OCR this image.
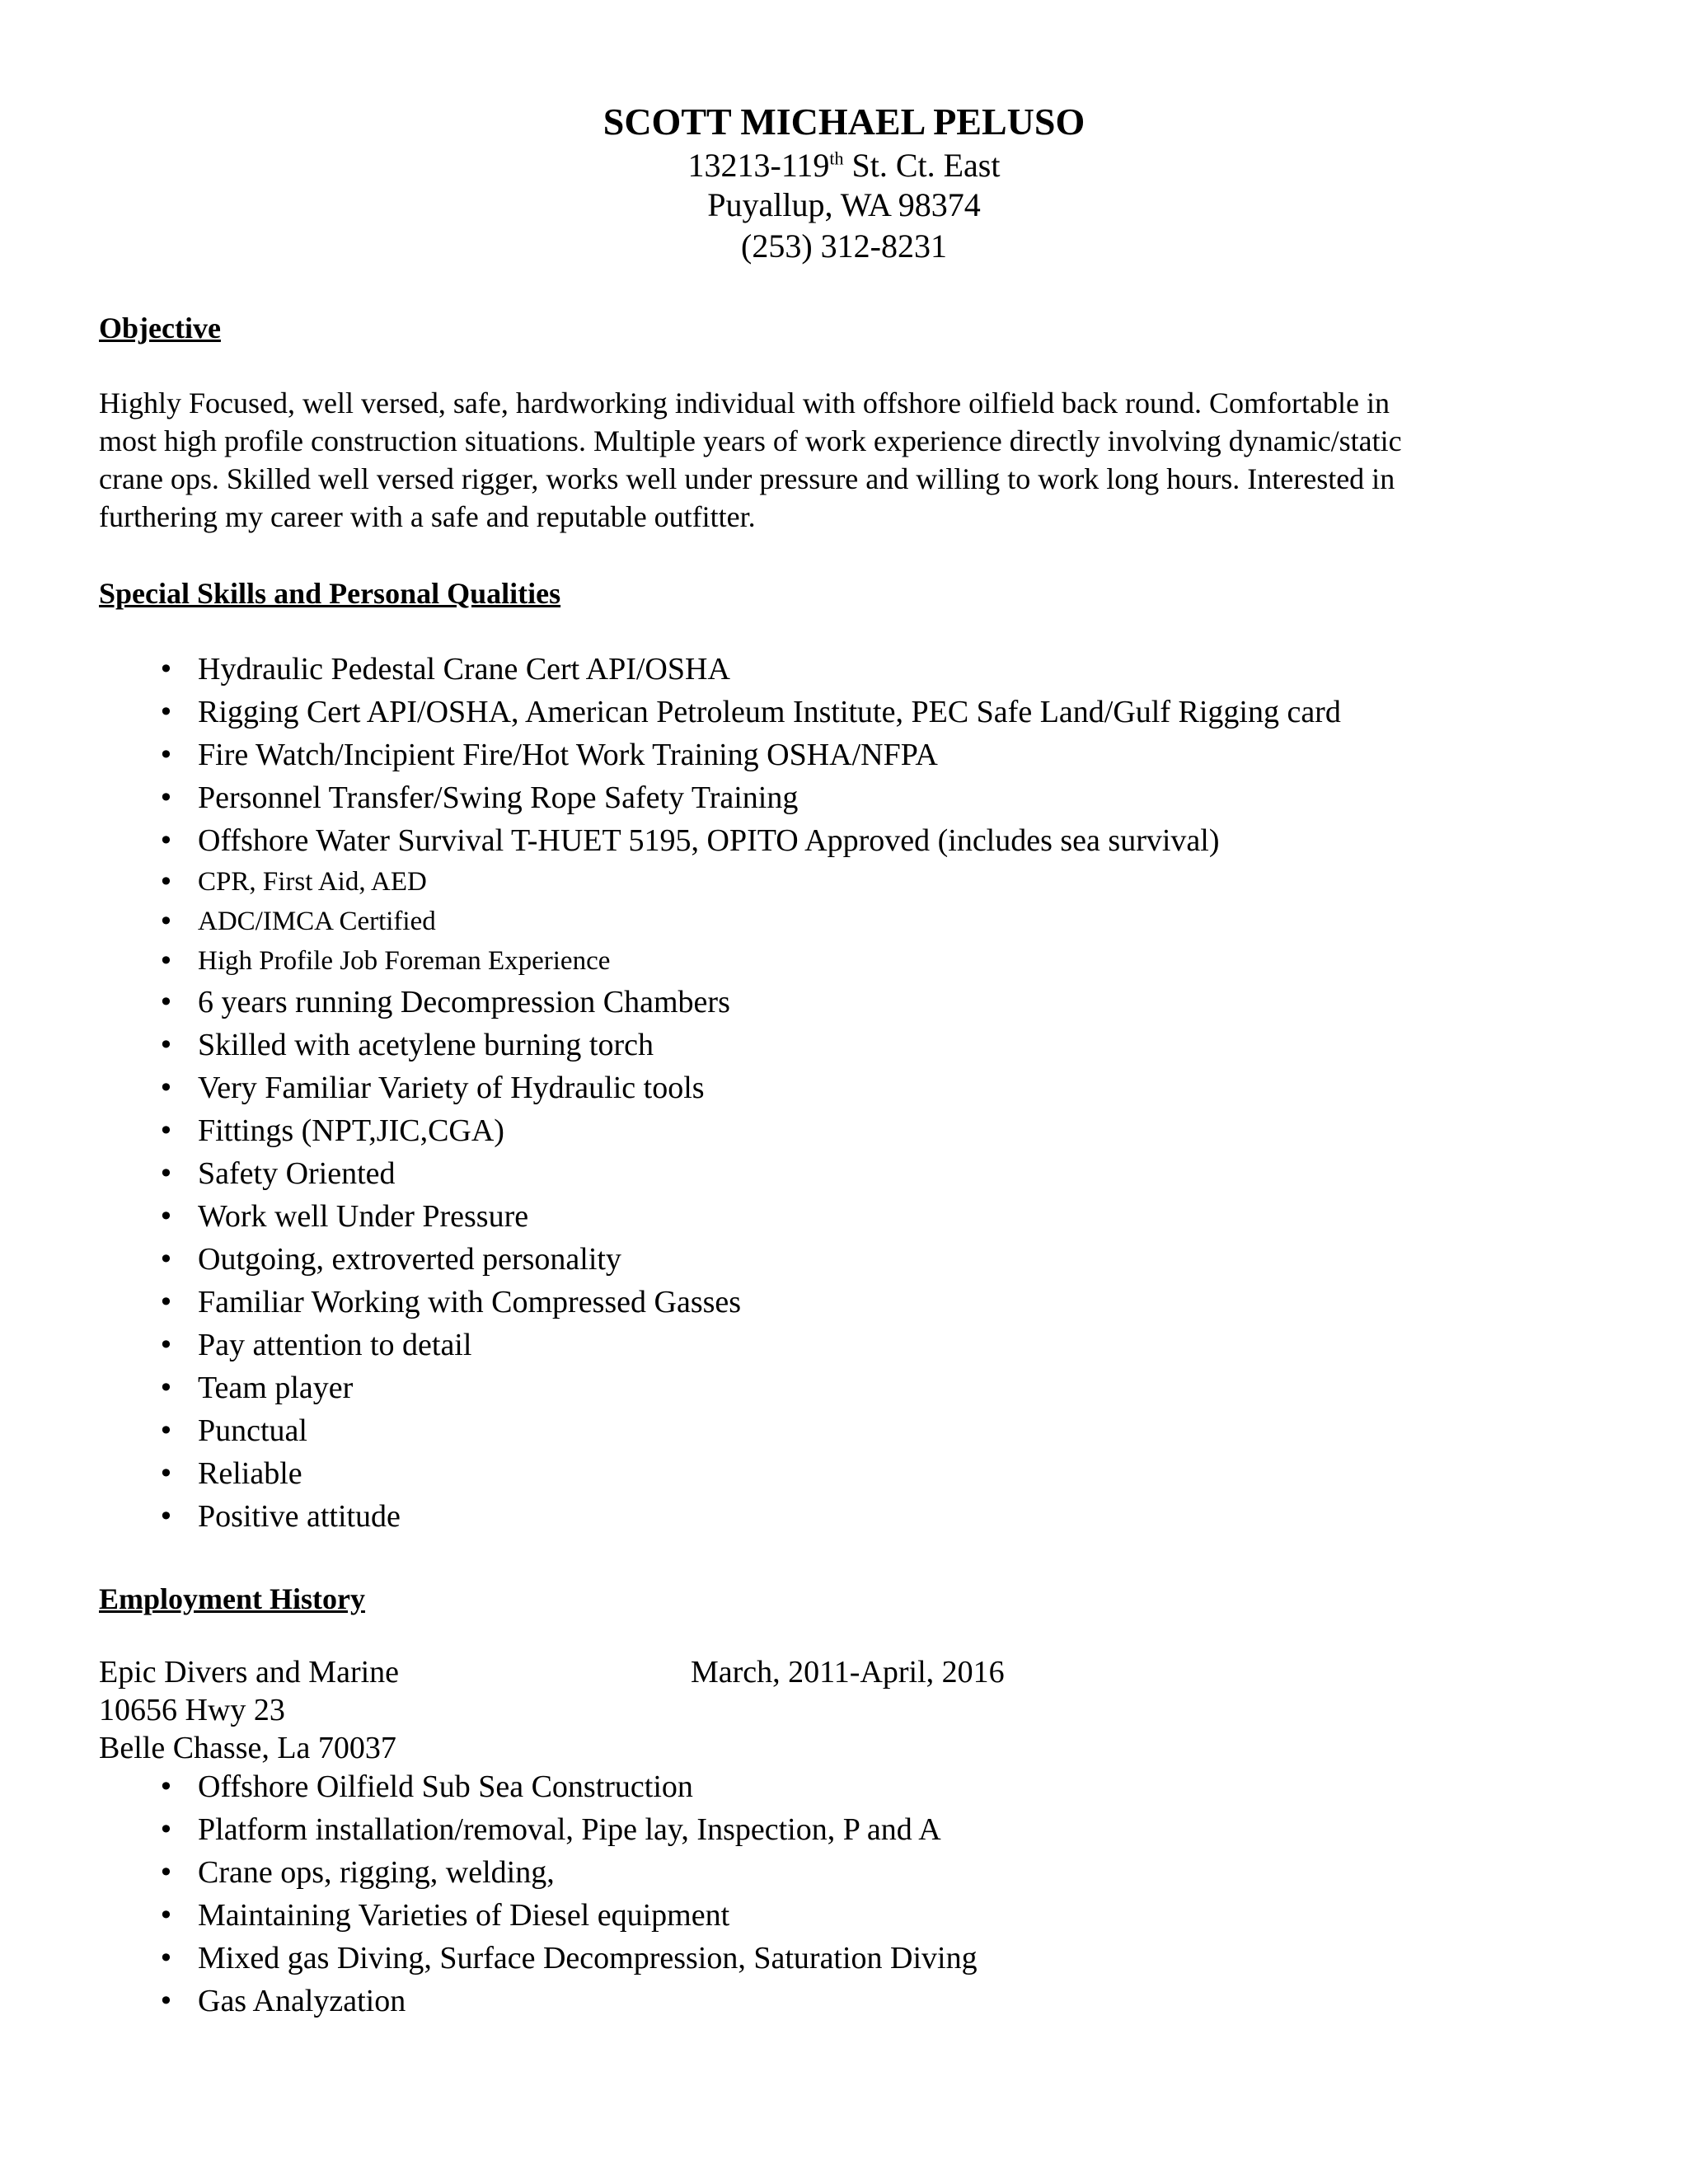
SCOTT MICHAEL PELUSO
13213-119th St. Ct. East
Puyallup, WA 98374
(253) 312-8231
Objective
Highly Focused, well versed, safe, hardworking individual with offshore oilfield back round. Comfortable in
most high profile construction situations. Multiple years of work experience directly involving dynamic/static
crane ops. Skilled well versed rigger, works well under pressure and willing to work long hours. Interested in
furthering my career with a safe and reputable outfitter.
Special Skills and Personal Qualities
• Hydraulic Pedestal Crane Cert API/OSHA
• Rigging Cert API/OSHA, American Petroleum Institute, PEC Safe Land/Gulf Rigging card
• Fire Watch/Incipient Fire/Hot Work Training OSHA/NFPA
• Personnel Transfer/Swing Rope Safety Training
• Offshore Water Survival T-HUET 5195, OPITO Approved (includes sea survival)
• CPR, First Aid, AED
• ADC/IMCA Certified
• High Profile Job Foreman Experience
• 6 years running Decompression Chambers
• Skilled with acetylene burning torch
• Very Familiar Variety of Hydraulic tools
• Fittings (NPT,JIC,CGA)
• Safety Oriented
• Work well Under Pressure
• Outgoing, extroverted personality
• Familiar Working with Compressed Gasses
• Pay attention to detail
• Team player
• Punctual
• Reliable
• Positive attitude
Employment History
Epic Divers and Marine
10656 Hwy 23
Belle Chasse, La 70037
March, 2011-April, 2016
• Offshore Oilfield Sub Sea Construction
• Platform installation/removal, Pipe lay, Inspection, P and A
• Crane ops, rigging, welding,
• Maintaining Varieties of Diesel equipment
• Mixed gas Diving, Surface Decompression, Saturation Diving
• Gas Analyzation
